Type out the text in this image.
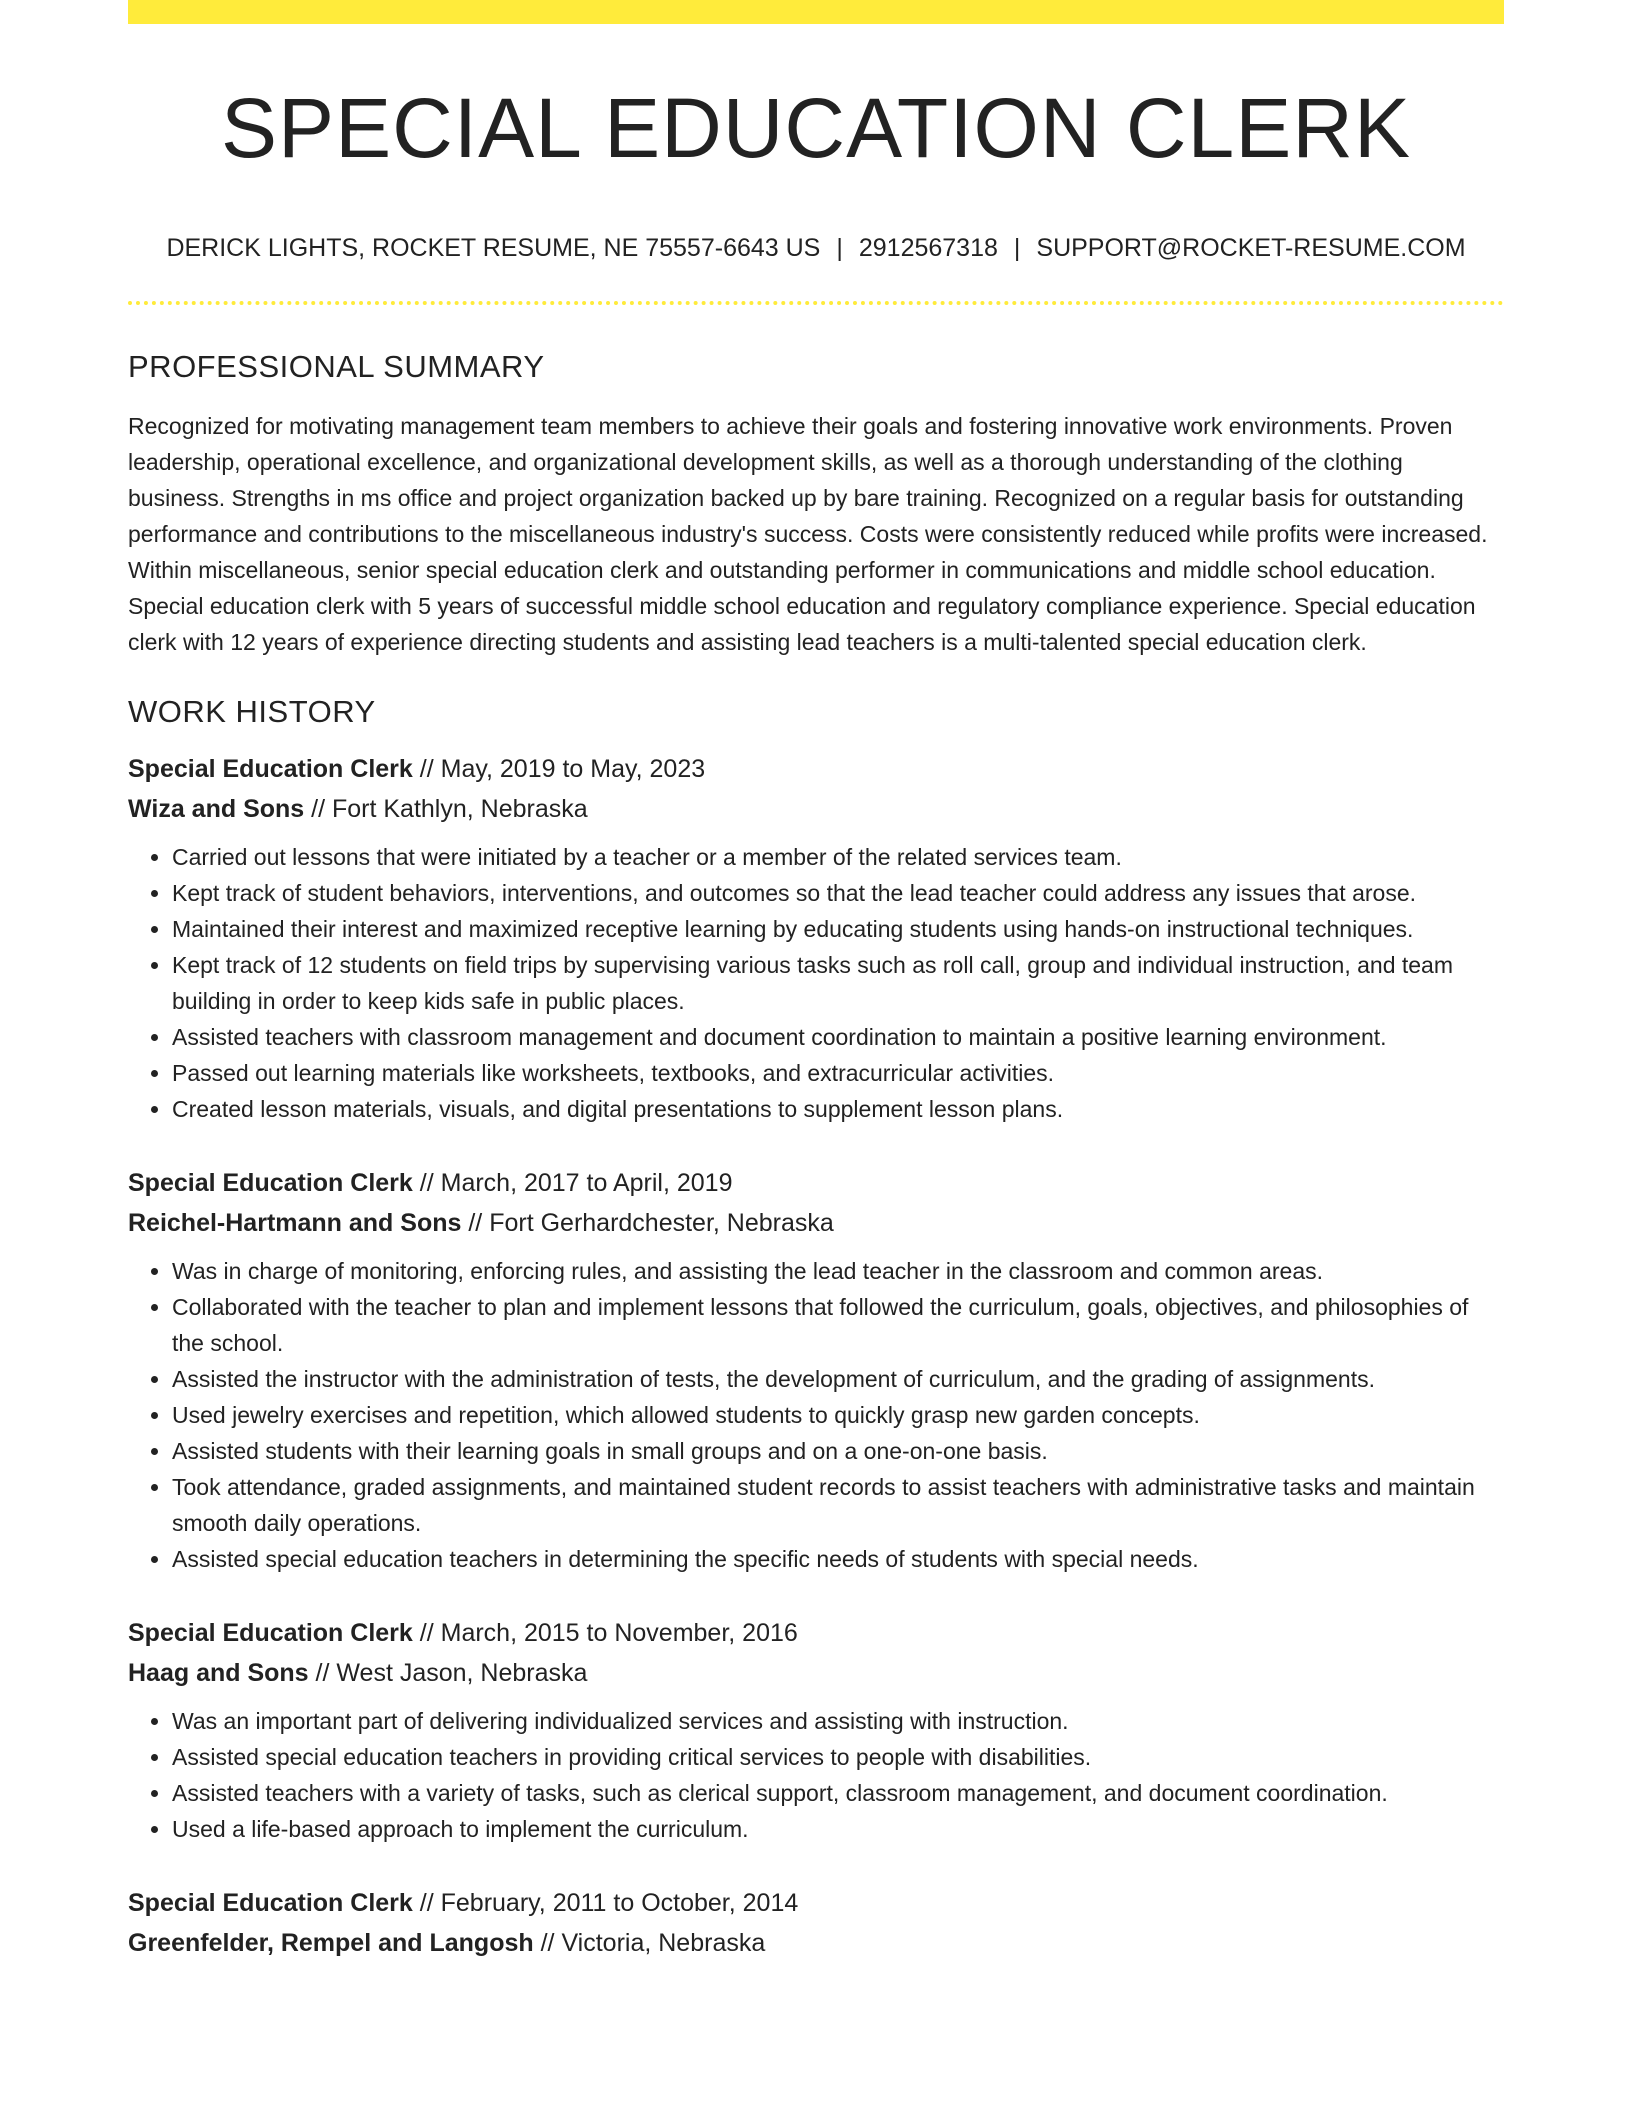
SPECIAL EDUCATION CLERK
DERICK LIGHTS, ROCKET RESUME, NE 75557-6643 US | 2912567318 | SUPPORT@ROCKET-RESUME.COM
PROFESSIONAL SUMMARY

Recognized for motivating management team members to achieve their goals and fostering innovative work environments. Proven leadership, operational excellence, and organizational development skills, as well as a thorough understanding of the clothing business. Strengths in ms office and project organization backed up by bare training. Recognized on a regular basis for outstanding performance and contributions to the miscellaneous industry's success. Costs were consistently reduced while profits were increased. Within miscellaneous, senior special education clerk and outstanding performer in communications and middle school education. Special education clerk with 5 years of successful middle school education and regulatory compliance experience. Special education clerk with 12 years of experience directing students and assisting lead teachers is a multi-talented special education clerk.

WORK HISTORY
Special Education Clerk // May, 2019 to May, 2023
Wiza and Sons // Fort Kathlyn, Nebraska
• Carried out lessons that were initiated by a teacher or a member of the related services team.
• Kept track of student behaviors, interventions, and outcomes so that the lead teacher could address any issues that arose.
• Maintained their interest and maximized receptive learning by educating students using hands-on instructional techniques.
• Kept track of 12 students on field trips by supervising various tasks such as roll call, group and individual instruction, and team building in order to keep kids safe in public places.
• Assisted teachers with classroom management and document coordination to maintain a positive learning environment.
• Passed out learning materials like worksheets, textbooks, and extracurricular activities.
• Created lesson materials, visuals, and digital presentations to supplement lesson plans.
Special Education Clerk // March, 2017 to April, 2019
Reichel-Hartmann and Sons // Fort Gerhardchester, Nebraska
• Was in charge of monitoring, enforcing rules, and assisting the lead teacher in the classroom and common areas.
• Collaborated with the teacher to plan and implement lessons that followed the curriculum, goals, objectives, and philosophies of the school.
• Assisted the instructor with the administration of tests, the development of curriculum, and the grading of assignments.
• Used jewelry exercises and repetition, which allowed students to quickly grasp new garden concepts.
• Assisted students with their learning goals in small groups and on a one-on-one basis.
• Took attendance, graded assignments, and maintained student records to assist teachers with administrative tasks and maintain smooth daily operations.
• Assisted special education teachers in determining the specific needs of students with special needs.
Special Education Clerk // March, 2015 to November, 2016
Haag and Sons // West Jason, Nebraska
• Was an important part of delivering individualized services and assisting with instruction.
• Assisted special education teachers in providing critical services to people with disabilities.
• Assisted teachers with a variety of tasks, such as clerical support, classroom management, and document coordination.
• Used a life-based approach to implement the curriculum.
Special Education Clerk // February, 2011 to October, 2014
Greenfelder, Rempel and Langosh // Victoria, Nebraska
